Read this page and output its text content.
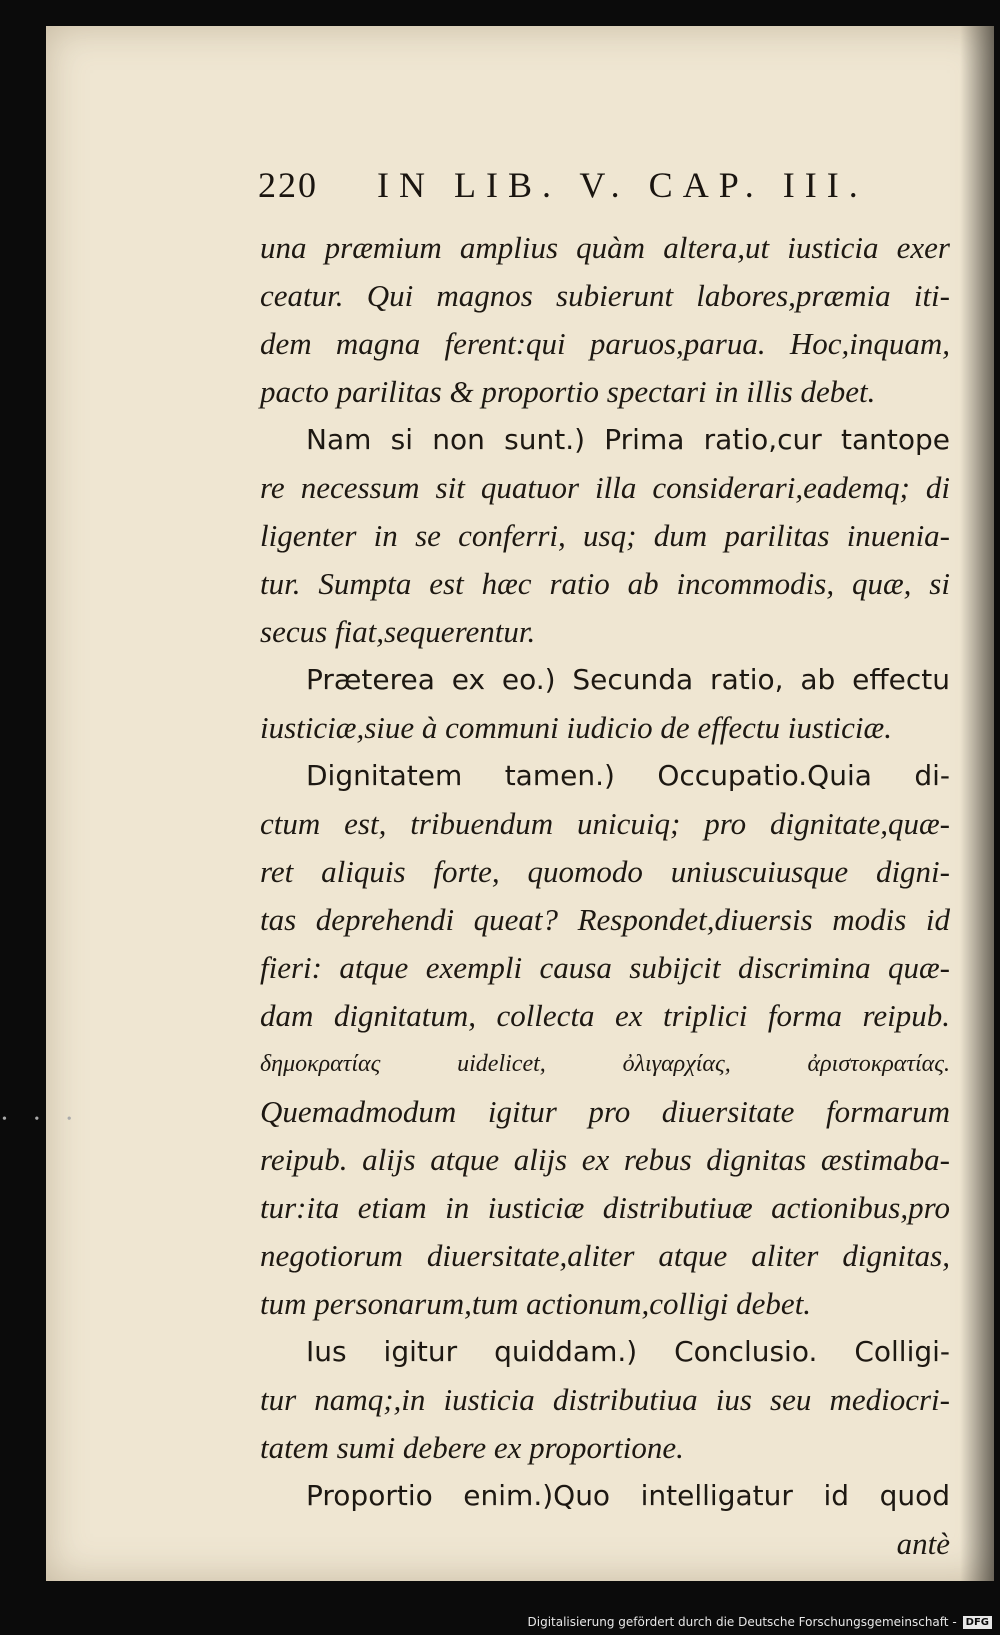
220 IN LIB. V. CAP. III.
una præmium amplius quàm altera,ut iusticia exer
ceatur. Qui magnos subierunt labores,præmia iti-
dem magna ferent:qui paruos,parua. Hoc,inquam,
pacto parilitas & proportio spectari in illis debet.
Nam si non sunt.) Prima ratio,cur tantope
re necessum sit quatuor illa considerari,eademq; di
ligenter in se conferri, usq; dum parilitas inuenia-
tur. Sumpta est hæc ratio ab incommodis, quæ, si
secus fiat,sequerentur.
Præterea ex eo.) Secunda ratio, ab effectu
iusticiæ,siue à communi iudicio de effectu iusticiæ.
Dignitatem tamen.) Occupatio.Quia di-
ctum est, tribuendum unicuiq; pro dignitate,quæ-
ret aliquis forte, quomodo uniuscuiusque digni-
tas deprehendi queat? Respondet,diuersis modis id
fieri: atque exempli causa subijcit discrimina quæ-
dam dignitatum, collecta ex triplici forma reipub.
δημοκρατίας uidelicet, ὀλιγαρχίας, ἀριστοκρατίας.
Quemadmodum igitur pro diuersitate formarum
reipub. alijs atque alijs ex rebus dignitas æstimaba-
tur:ita etiam in iusticiæ distributiuæ actionibus,pro
negotiorum diuersitate,aliter atque aliter dignitas,
tum personarum,tum actionum,colligi debet.
Ius igitur quiddam.) Conclusio. Colligi-
tur namq;,in iusticia distributiua ius seu mediocri-
tatem sumi debere ex proportione.
Proportio enim.)Quo intelligatur id quod
antè
• • •
Digitalisierung gefördert durch die Deutsche Forschungsgemeinschaft - DFG
